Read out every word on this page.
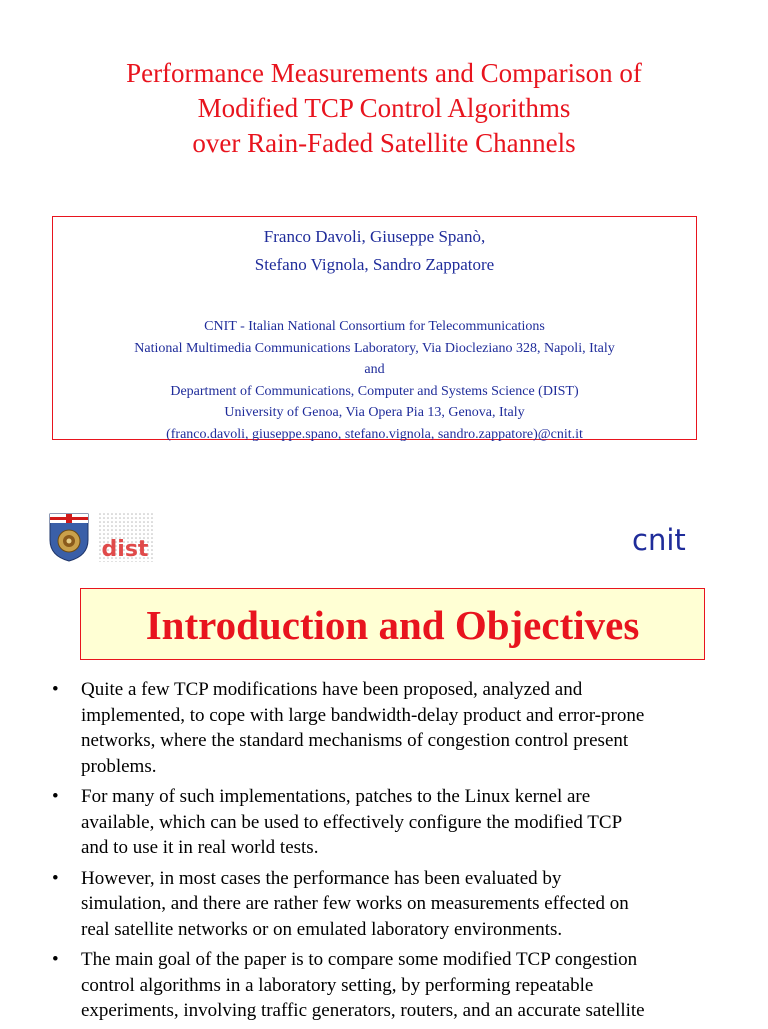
Performance Measurements and Comparison of
Modified TCP Control Algorithms
over Rain-Faded Satellite Channels
Franco Davoli, Giuseppe Spanò,
Stefano Vignola, Sandro Zappatore
CNIT - Italian National Consortium for Telecommunications
National Multimedia Communications Laboratory, Via Diocleziano 328, Napoli, Italy
and
Department of Communications, Computer and Systems Science (DIST)
University of Genoa, Via Opera Pia 13, Genova, Italy
(franco.davoli, giuseppe.spano, stefano.vignola, sandro.zappatore)@cnit.it
dist	cnit
Introduction and Objectives
• Quite a few TCP modifications have been proposed, analyzed and
implemented, to cope with large bandwidth-delay product and error-prone
networks, where the standard mechanisms of congestion control present
problems.
• For many of such implementations, patches to the Linux kernel are
available, which can be used to effectively configure the modified TCP
and to use it in real world tests.
• However, in most cases the performance has been evaluated by
simulation, and there are rather few works on measurements effected on
real satellite networks or on emulated laboratory environments.
• The main goal of the paper is to compare some modified TCP congestion
control algorithms in a laboratory setting, by performing repeatable
experiments, involving traffic generators, routers, and an accurate satellite
